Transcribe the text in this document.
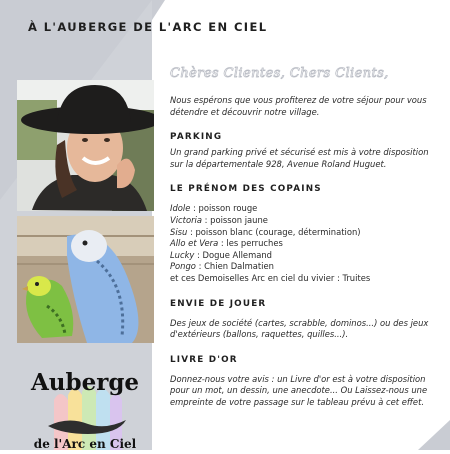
À L'AUBERGE DE L'ARC EN CIEL
Auberge
de l'Arc en Ciel

Chères Clientes, Chers Clients,

Nous espérons que vous profiterez de votre séjour pour vous détendre et découvrir notre village.

PARKING

Un grand parking privé et sécurisé est mis à votre disposition sur la départementale 928, Avenue Roland Huguet.

LE PRÉNOM DES COPAINS

Idole : poisson rouge
Victoria : poisson jaune
Sisu : poisson blanc (courage, détermination)
Allo et Vera : les perruches
Lucky : Dogue Allemand
Pongo : Chien Dalmatien
et ces Demoiselles Arc en ciel du vivier : Truites

ENVIE DE JOUER

Des jeux de société (cartes, scrabble, dominos...) ou des jeux d'extérieurs (ballons, raquettes, quilles...).

LIVRE D'OR

Donnez-nous votre avis : un Livre d'or est à votre disposition pour un mot, un dessin, une anecdote... Ou Laissez-nous une empreinte de votre passage sur le tableau prévu à cet effet.
